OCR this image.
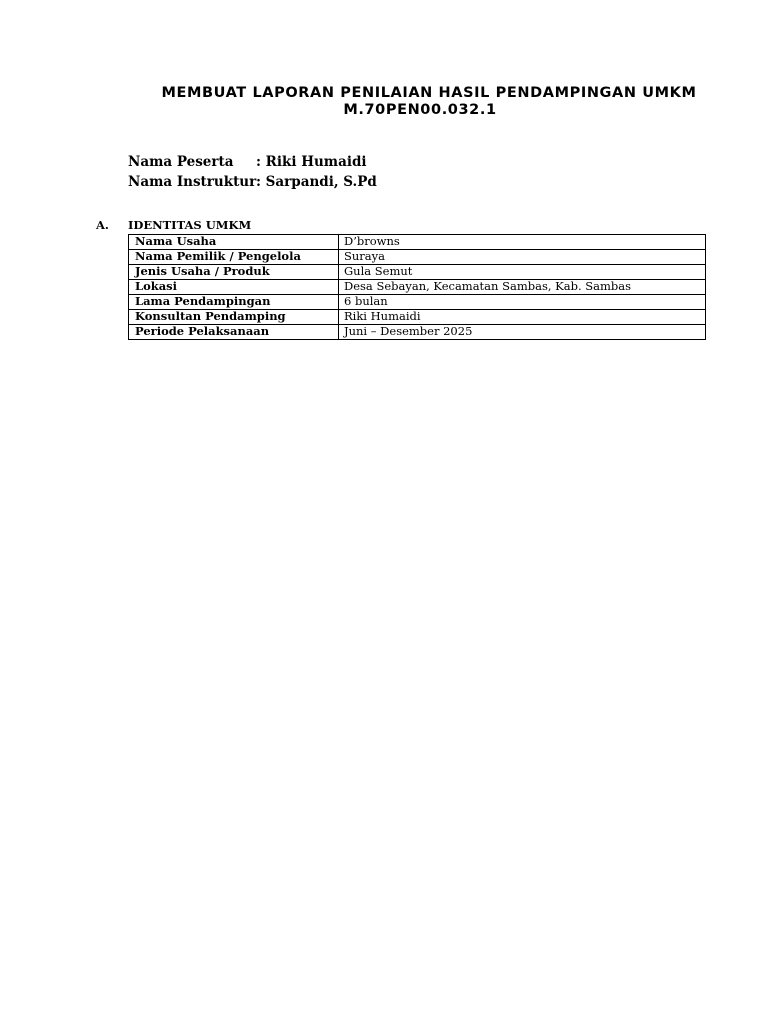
MEMBUAT LAPORAN PENILAIAN HASIL PENDAMPINGAN UMKM
M.70PEN00.032.1
Nama Peserta	: Riki Humaidi
Nama Instruktur : Sarpandi, S.Pd
A.	IDENTITAS UMKM
Nama Usaha	D’browns
Nama Pemilik / Pengelola	Suraya
Jenis Usaha / Produk	Gula Semut
Lokasi	Desa Sebayan, Kecamatan Sambas, Kab. Sambas
Lama Pendampingan	6 bulan
Konsultan Pendamping	Riki Humaidi
Periode Pelaksanaan	Juni – Desember 2025
